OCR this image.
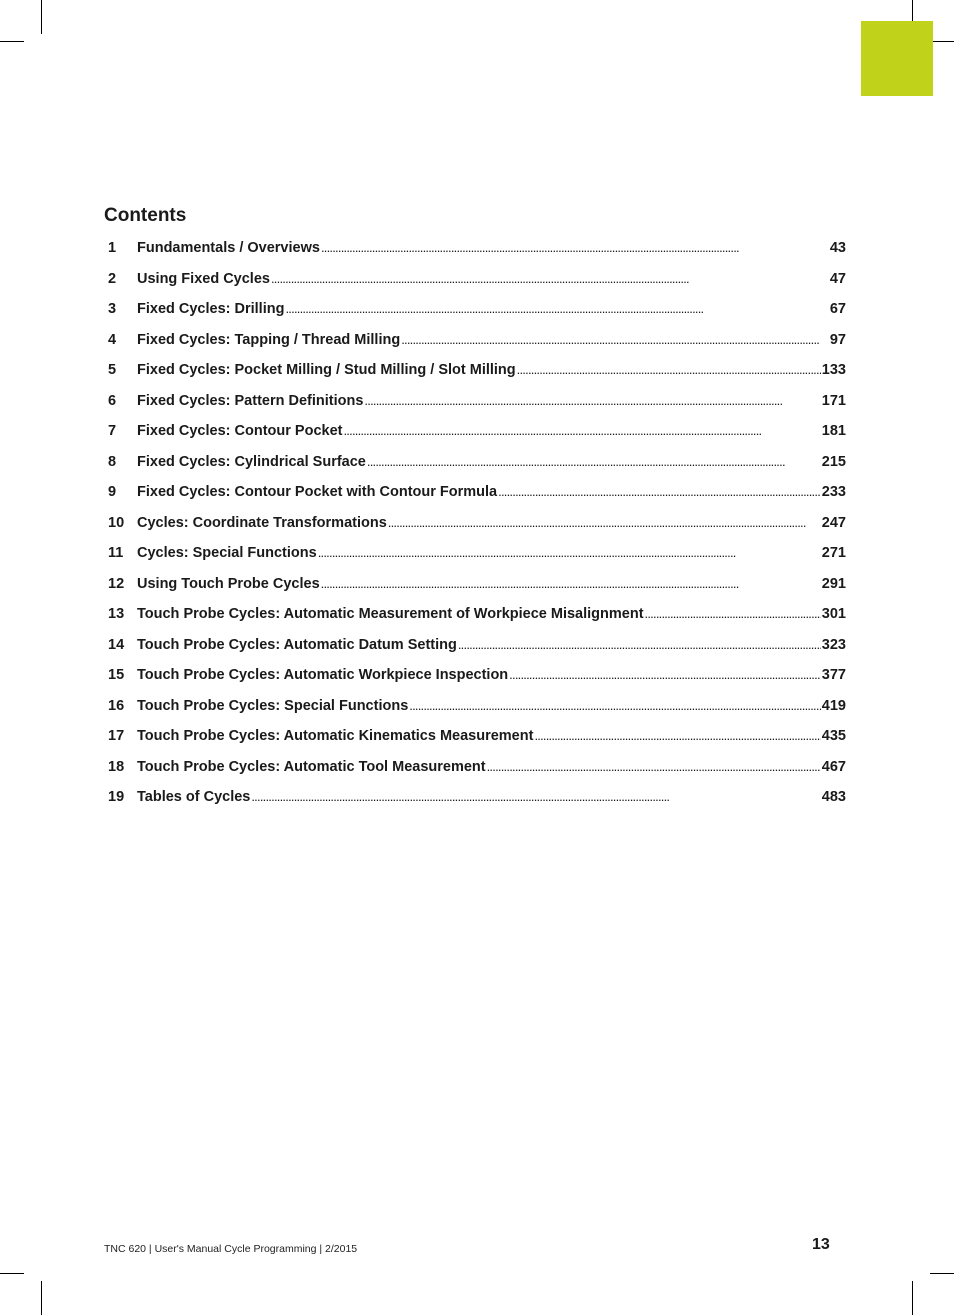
Contents
1	Fundamentals / Overviews . . .	43
2	Using Fixed Cycles . . .	47
3	Fixed Cycles: Drilling . . .	67
4	Fixed Cycles: Tapping / Thread Milling . . .	97
5	Fixed Cycles: Pocket Milling / Stud Milling / Slot Milling . . .	133
6	Fixed Cycles: Pattern Definitions . . .	171
7	Fixed Cycles: Contour Pocket . . .	181
8	Fixed Cycles: Cylindrical Surface . . .	215
9	Fixed Cycles: Contour Pocket with Contour Formula . . .	233
10 Cycles: Coordinate Transformations . . .	247
11 Cycles: Special Functions . . .	271
12 Using Touch Probe Cycles . . .	291
13 Touch Probe Cycles: Automatic Measurement of Workpiece Misalignment . . .	301
14 Touch Probe Cycles: Automatic Datum Setting . . .	323
15 Touch Probe Cycles: Automatic Workpiece Inspection . . .	377
16 Touch Probe Cycles: Special Functions . . .	419
17 Touch Probe Cycles: Automatic Kinematics Measurement . . .	435
18 Touch Probe Cycles: Automatic Tool Measurement . . .	467
19 Tables of Cycles . . .	483
TNC 620 | User's Manual Cycle Programming | 2/2015	13
